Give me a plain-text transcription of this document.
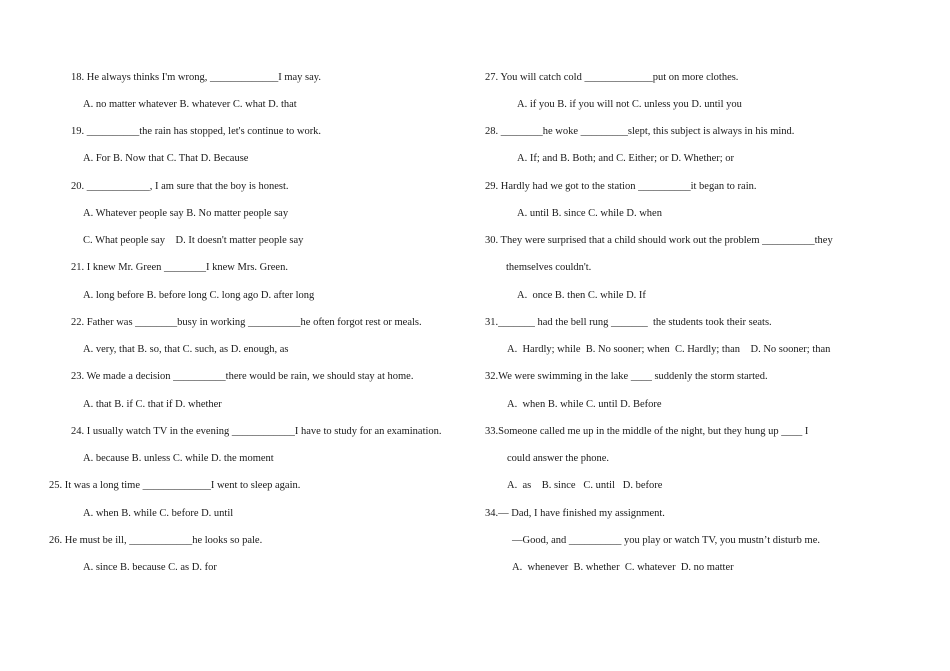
18. He always thinks I'm wrong, _____________I may say.
A. no matter whatever B. whatever C. what D. that
19. __________the rain has stopped, let's continue to work.
A. For B. Now that C. That D. Because
20. ____________, I am sure that the boy is honest.
A. Whatever people say B. No matter people say
C. What people say    D. It doesn't matter people say
21. I knew Mr. Green ________I knew Mrs. Green.
A. long before B. before long C. long ago D. after long
22. Father was ________busy in working __________he often forgot rest or meals.
A. very, that B. so, that C. such, as D. enough, as
23. We made a decision __________there would be rain, we should stay at home.
A. that B. if C. that if D. whether
24. I usually watch TV in the evening ____________I have to study for an examination.
A. because B. unless C. while D. the moment
25. It was a long time _____________I went to sleep again.
A. when B. while C. before D. until
26. He must be ill, ____________he looks so pale.
A. since B. because C. as D. for
27. You will catch cold _____________put on more clothes.
A. if you B. if you will not C. unless you D. until you
28. ________he woke _________slept, this subject is always in his mind.
A. If; and B. Both; and C. Either; or D. Whether; or
29. Hardly had we got to the station __________it began to rain.
A. until B. since C. while D. when
30. They were surprised that a child should work out the problem __________they
themselves couldn't.
A.  once B. then C. while D. If
31._______ had the bell rung _______  the students took their seats.
A.  Hardly; while  B. No sooner; when  C. Hardly; than    D. No sooner; than
32.We were swimming in the lake ____ suddenly the storm started.
A.  when B. while C. until D. Before
33.Someone called me up in the middle of the night, but they hung up ____ I
could answer the phone.
A.  as    B. since   C. until   D. before
34.— Dad, I have finished my assignment.
—Good, and __________ you play or watch TV, you mustn’t disturb me.
A.  whenever  B. whether  C. whatever  D. no matter
